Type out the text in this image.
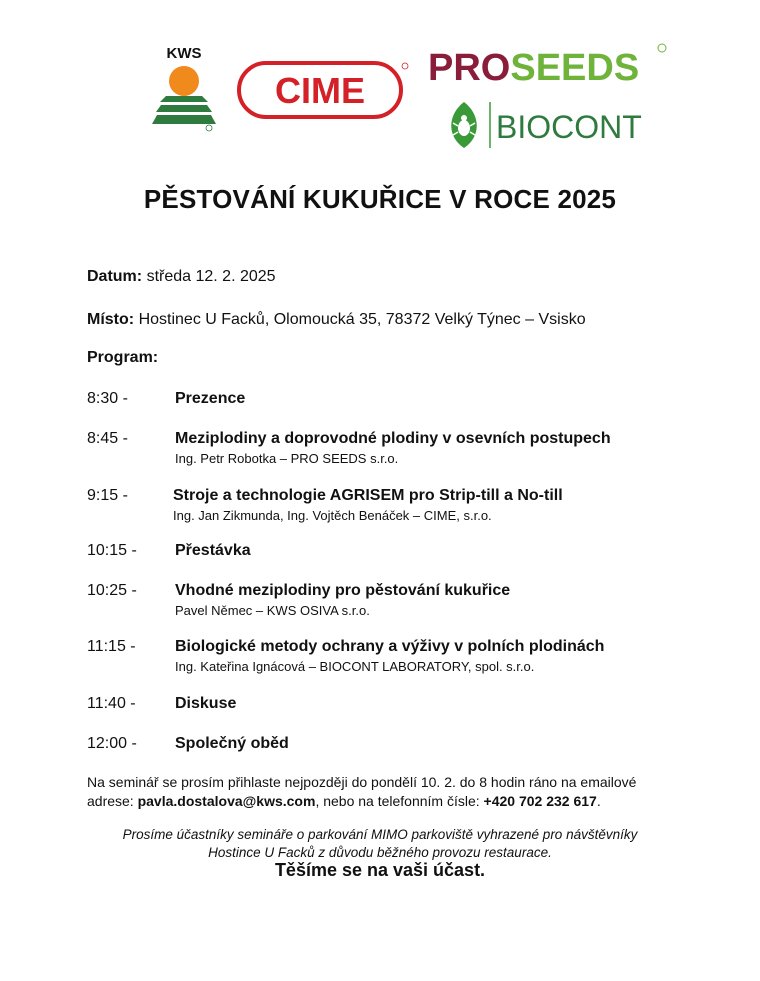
KWS
CIME
PROSEEDS
BIOCONT
PĚSTOVÁNÍ KUKUŘICE V ROCE 2025
Datum: středa 12. 2. 2025
Místo: Hostinec U Facků, Olomoucká 35, 78372 Velký Týnec – Vsisko
Program:
8:30 -	Prezence
8:45 -	Meziplodiny a doprovodné plodiny v osevních postupech
Ing. Petr Robotka – PRO SEEDS s.r.o.
9:15 -	Stroje a technologie AGRISEM pro Strip-till a No-till
Ing. Jan Zikmunda, Ing. Vojtěch Benáček – CIME, s.r.o.
10:15 - Přestávka
10:25 - Vhodné meziplodiny pro pěstování kukuřice
Pavel Němec – KWS OSIVA s.r.o.
11:15 - Biologické metody ochrany a výživy v polních plodinách
Ing. Kateřina Ignácová – BIOCONT LABORATORY, spol. s.r.o.
11:40 - Diskuse
12:00 - Společný oběd
Na seminář se prosím přihlaste nejpozději do pondělí 10. 2. do 8 hodin ráno na emailové adrese: pavla.dostalova@kws.com, nebo na telefonním čísle: +420 702 232 617.
Prosíme účastníky semináře o parkování MIMO parkoviště vyhrazené pro návštěvníky
Hostince U Facků z důvodu běžného provozu restaurace.
Těšíme se na vaši účast.
